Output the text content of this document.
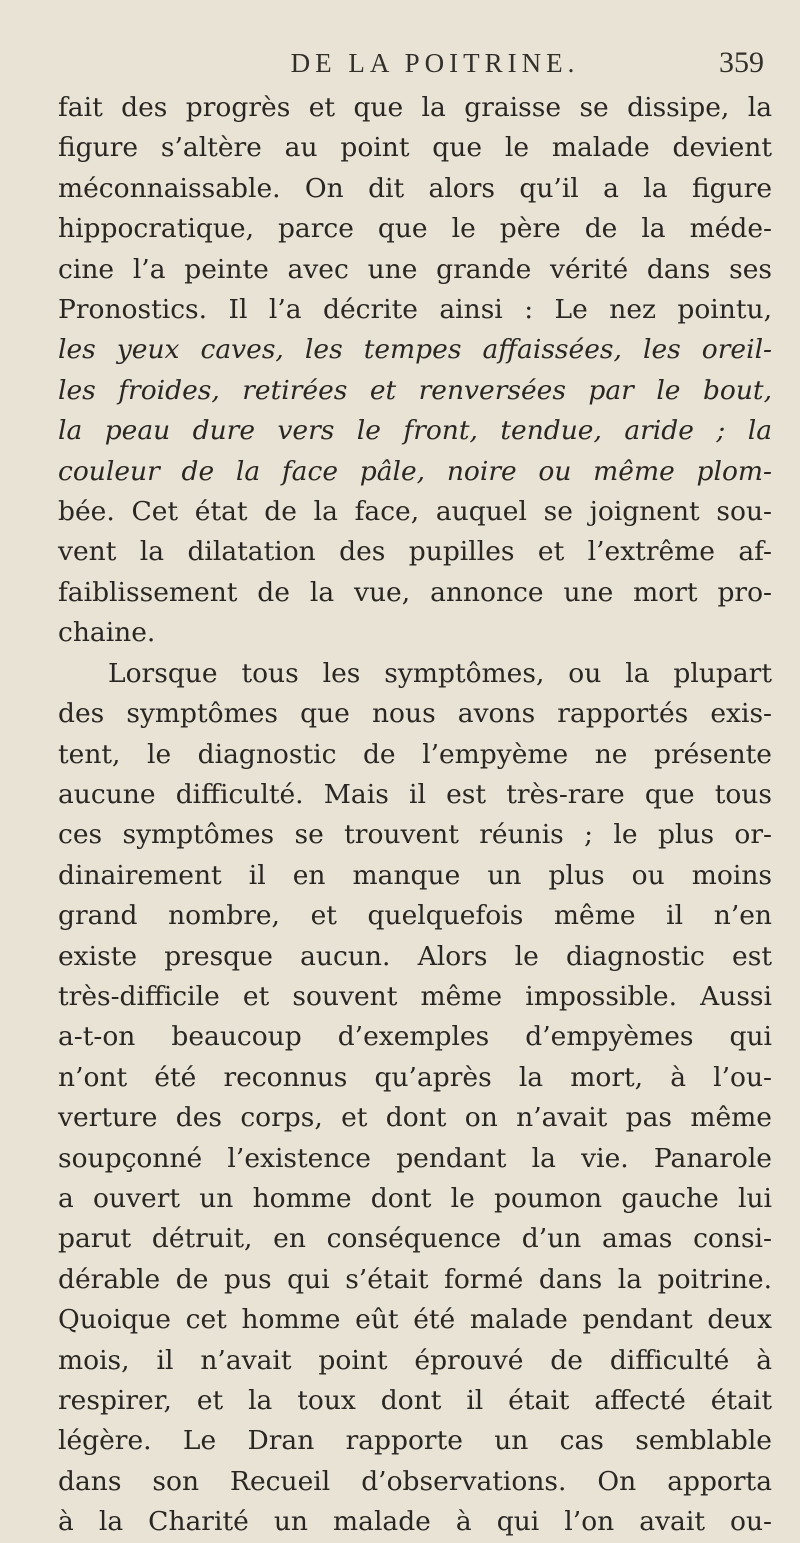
DE LA POITRINE.	359
fait des progrès et que la graisse se dissipe, la
figure s’altère au point que le malade devient
méconnaissable. On dit alors qu’il a la figure
hippocratique, parce que le père de la méde-
cine l’a peinte avec une grande vérité dans ses
Pronostics. Il l’a décrite ainsi : Le nez pointu,
les yeux caves, les tempes affaissées, les oreil-
les froides, retirées et renversées par le bout,
la peau dure vers le front, tendue, aride ; la
couleur de la face pâle, noire ou même plom-
bée. Cet état de la face, auquel se joignent sou-
vent la dilatation des pupilles et l’extrême af-
faiblissement de la vue, annonce une mort pro-
chaine.
Lorsque tous les symptômes, ou la plupart
des symptômes que nous avons rapportés exis-
tent, le diagnostic de l’empyème ne présente
aucune difficulté. Mais il est très-rare que tous
ces symptômes se trouvent réunis ; le plus or-
dinairement il en manque un plus ou moins
grand nombre, et quelquefois même il n’en
existe presque aucun. Alors le diagnostic est
très-difficile et souvent même impossible. Aussi
a-t-on beaucoup d’exemples d’empyèmes qui
n’ont été reconnus qu’après la mort, à l’ou-
verture des corps, et dont on n’avait pas même
soupçonné l’existence pendant la vie. Panarole
a ouvert un homme dont le poumon gauche lui
parut détruit, en conséquence d’un amas consi-
dérable de pus qui s’était formé dans la poitrine.
Quoique cet homme eût été malade pendant deux
mois, il n’avait point éprouvé de difficulté à
respirer, et la toux dont il était affecté était
légère. Le Dran rapporte un cas semblable
dans son Recueil d’observations. On apporta
à la Charité un malade à qui l’on avait ou-
